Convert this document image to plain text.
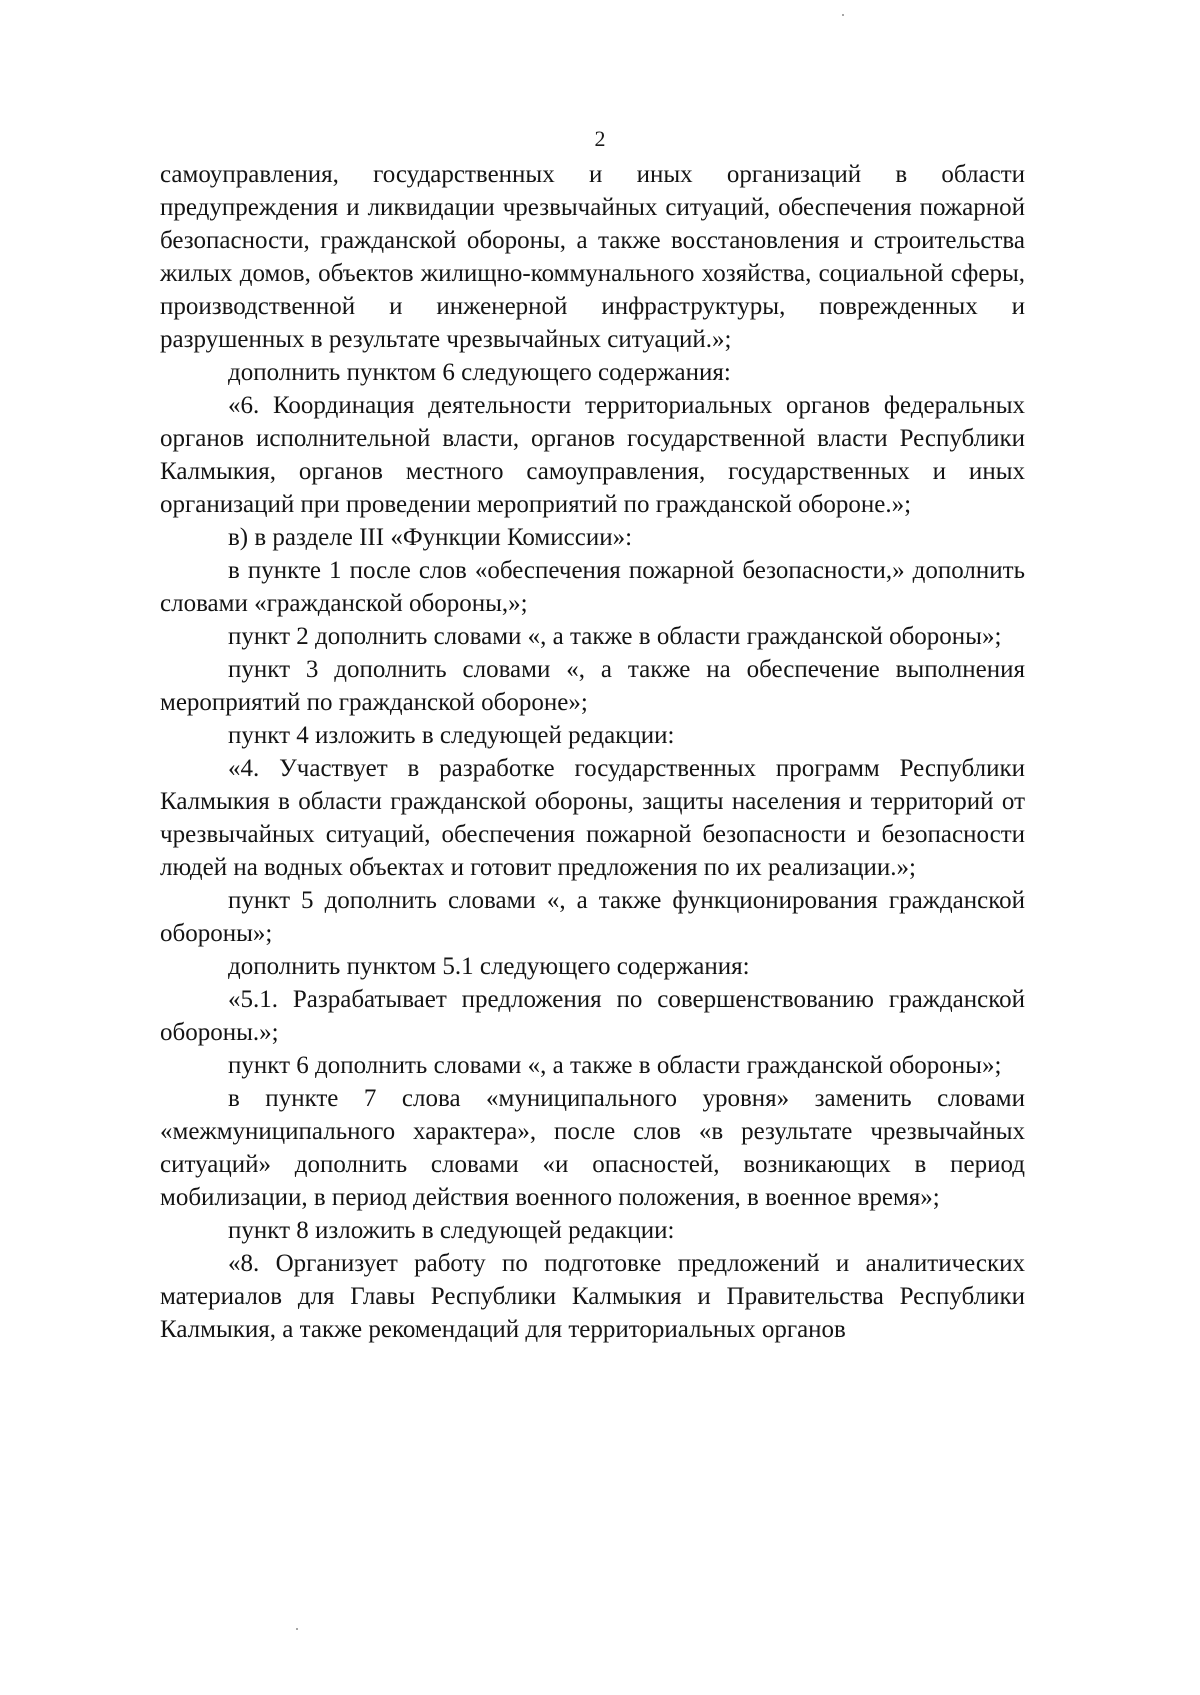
2

самоуправления, государственных и иных организаций в области предупреждения и ликвидации чрезвычайных ситуаций, обеспечения пожарной безопасности, гражданской обороны, а также восстановления и строительства жилых домов, объектов жилищно-коммунального хозяйства, социальной сферы, производственной и инженерной инфраструктуры, поврежденных и разрушенных в результате чрезвычайных ситуаций.»;

дополнить пунктом 6 следующего содержания:

«6. Координация деятельности территориальных органов федеральных органов исполнительной власти, органов государственной власти Республики Калмыкия, органов местного самоуправления, государственных и иных организаций при проведении мероприятий по гражданской обороне.»;

в) в разделе III «Функции Комиссии»:

в пункте 1 после слов «обеспечения пожарной безопасности,» дополнить словами «гражданской обороны,»;

пункт 2 дополнить словами «, а также в области гражданской обороны»;

пункт 3 дополнить словами «, а также на обеспечение выполнения мероприятий по гражданской обороне»;

пункт 4 изложить в следующей редакции:

«4. Участвует в разработке государственных программ Республики Калмыкия в области гражданской обороны, защиты населения и территорий от чрезвычайных ситуаций, обеспечения пожарной безопасности и безопасности людей на водных объектах и готовит предложения по их реализации.»;

пункт 5 дополнить словами «, а также функционирования гражданской обороны»;

дополнить пунктом 5.1 следующего содержания:

«5.1. Разрабатывает предложения по совершенствованию гражданской обороны.»;

пункт 6 дополнить словами «, а также в области гражданской обороны»;

в пункте 7 слова «муниципального уровня» заменить словами «межмуниципального характера», после слов «в результате чрезвычайных ситуаций» дополнить словами «и опасностей, возникающих в период мобилизации, в период действия военного положения, в военное время»;

пункт 8 изложить в следующей редакции:

«8. Организует работу по подготовке предложений и аналитических материалов для Главы Республики Калмыкия и Правительства Республики Калмыкия, а также рекомендаций для территориальных органов
